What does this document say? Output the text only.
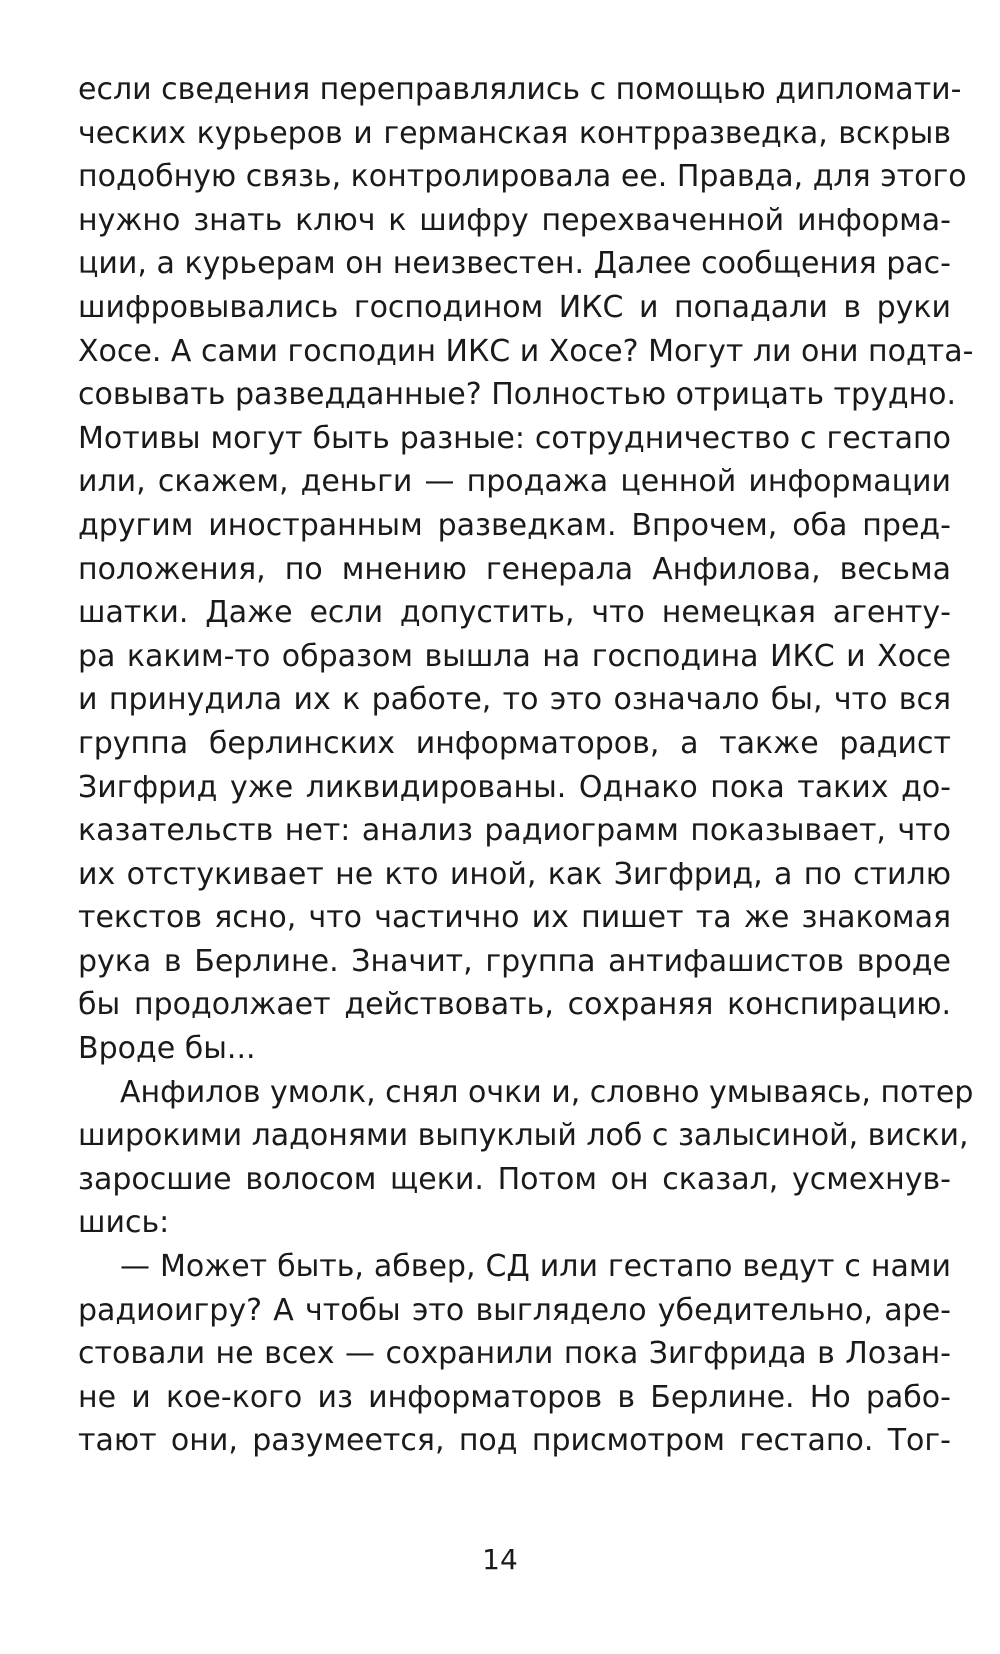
если сведения переправлялись с помощью дипломати-
ческих курьеров и германская контрразведка, вскрыв
подобную связь, контролировала ее. Правда, для этого
нужно знать ключ к шифру перехваченной информа-
ции, а курьерам он неизвестен. Далее сообщения рас-
шифровывались господином ИКС и попадали в руки
Хосе. А сами господин ИКС и Хосе? Могут ли они подта-
совывать разведданные? Полностью отрицать трудно.
Мотивы могут быть разные: сотрудничество с гестапо
или, скажем, деньги — продажа ценной информации
другим иностранным разведкам. Впрочем, оба пред-
положения, по мнению генерала Анфилова, весьма
шатки. Даже если допустить, что немецкая агенту-
ра каким-то образом вышла на господина ИКС и Хосе
и принудила их к работе, то это означало бы, что вся
группа берлинских информаторов, а также радист
Зигфрид уже ликвидированы. Однако пока таких до-
казательств нет: анализ радиограмм показывает, что
их отстукивает не кто иной, как Зигфрид, а по стилю
текстов ясно, что частично их пишет та же знакомая
рука в Берлине. Значит, группа антифашистов вроде
бы продолжает действовать, сохраняя конспирацию.
Вроде бы...
Анфилов умолк, снял очки и, словно умываясь, потер
широкими ладонями выпуклый лоб с залысиной, виски,
заросшие волосом щеки. Потом он сказал, усмехнув-
шись:
— Может быть, абвер, СД или гестапо ведут с нами
радиоигру? А чтобы это выглядело убедительно, аре-
стовали не всех — сохранили пока Зигфрида в Лозан-
не и кое-кого из информаторов в Берлине. Но рабо-
тают они, разумеется, под присмотром гестапо. Тог-
14
